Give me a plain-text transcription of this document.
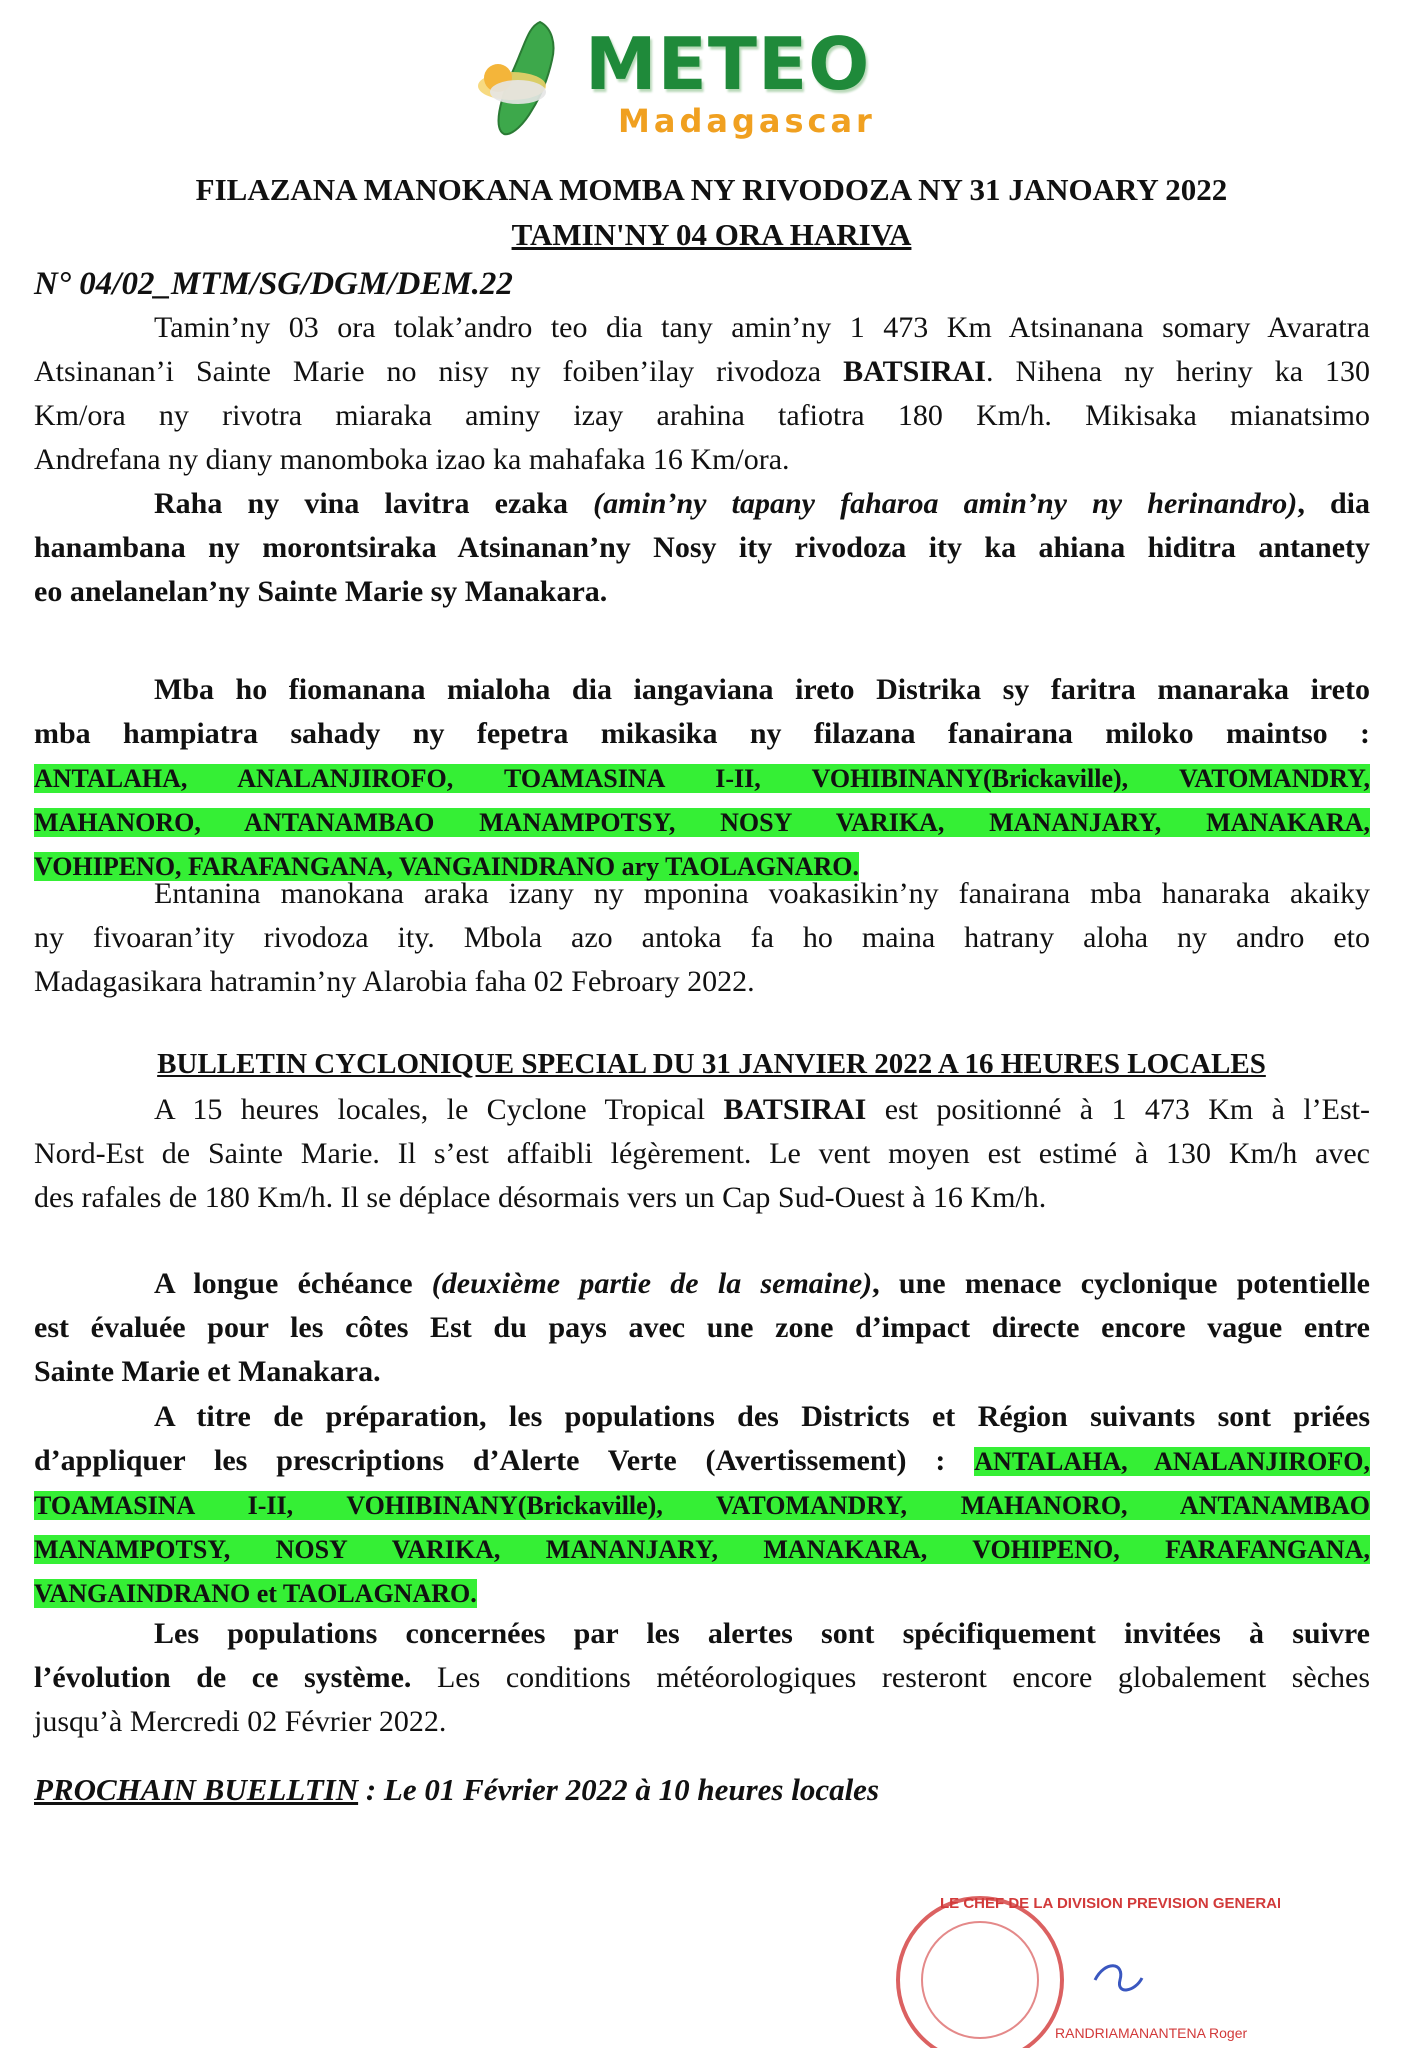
METEO
Madagascar
FILAZANA MANOKANA MOMBA NY RIVODOZA NY 31 JANOARY 2022
TAMIN'NY 04 ORA HARIVA
N° 04/02_MTM/SG/DGM/DEM.22
Tamin’ny 03 ora tolak’andro teo dia tany amin’ny 1 473 Km Atsinanana somary Avaratra
Atsinanan’i Sainte Marie no nisy ny foiben’ilay rivodoza BATSIRAI. Nihena ny heriny ka 130
Km/ora ny rivotra miaraka aminy izay arahina tafiotra 180 Km/h. Mikisaka mianatsimo
Andrefana ny diany manomboka izao ka mahafaka 16 Km/ora.
Raha ny vina lavitra ezaka (amin’ny tapany faharoa amin’ny ny herinandro), dia
hanambana ny morontsiraka Atsinanan’ny Nosy ity rivodoza ity ka ahiana hiditra antanety
eo anelanelan’ny Sainte Marie sy Manakara.
Mba ho fiomanana mialoha dia iangaviana ireto Distrika sy faritra manaraka ireto
mba hampiatra sahady ny fepetra mikasika ny filazana fanairana miloko maintso :
ANTALAHA, ANALANJIROFO, TOAMASINA I-II, VOHIBINANY(Brickaville), VATOMANDRY,
MAHANORO, ANTANAMBAO MANAMPOTSY, NOSY VARIKA, MANANJARY, MANAKARA,
VOHIPENO, FARAFANGANA, VANGAINDRANO ary TAOLAGNARO.
Entanina manokana araka izany ny mponina voakasikin’ny fanairana mba hanaraka akaiky
ny fivoaran’ity rivodoza ity. Mbola azo antoka fa ho maina hatrany aloha ny andro eto
Madagasikara hatramin’ny Alarobia faha 02 Febroary 2022.
BULLETIN CYCLONIQUE SPECIAL DU 31 JANVIER 2022 A 16 HEURES LOCALES
A 15 heures locales, le Cyclone Tropical BATSIRAI est positionné à 1 473 Km à l’Est-
Nord-Est de Sainte Marie. Il s’est affaibli légèrement. Le vent moyen est estimé à 130 Km/h avec
des rafales de 180 Km/h. Il se déplace désormais vers un Cap Sud-Ouest à 16 Km/h.
A longue échéance (deuxième partie de la semaine), une menace cyclonique potentielle
est évaluée pour les côtes Est du pays avec une zone d’impact directe encore vague entre
Sainte Marie et Manakara.
A titre de préparation, les populations des Districts et Région suivants sont priées
d’appliquer les prescriptions d’Alerte Verte (Avertissement) : ANTALAHA, ANALANJIROFO,
TOAMASINA I-II, VOHIBINANY(Brickaville), VATOMANDRY, MAHANORO, ANTANAMBAO
MANAMPOTSY, NOSY VARIKA, MANANJARY, MANAKARA, VOHIPENO, FARAFANGANA,
VANGAINDRANO et TAOLAGNARO.
Les populations concernées par les alertes sont spécifiquement invitées à suivre
l’évolution de ce système. Les conditions météorologiques resteront encore globalement sèches
jusqu’à Mercredi 02 Février 2022.
PROCHAIN BUELLTIN : Le 01 Février 2022 à 10 heures locales
LE CHEF DE LA DIVISION PREVISION GENERALE
RANDRIAMANANTENA Roger
